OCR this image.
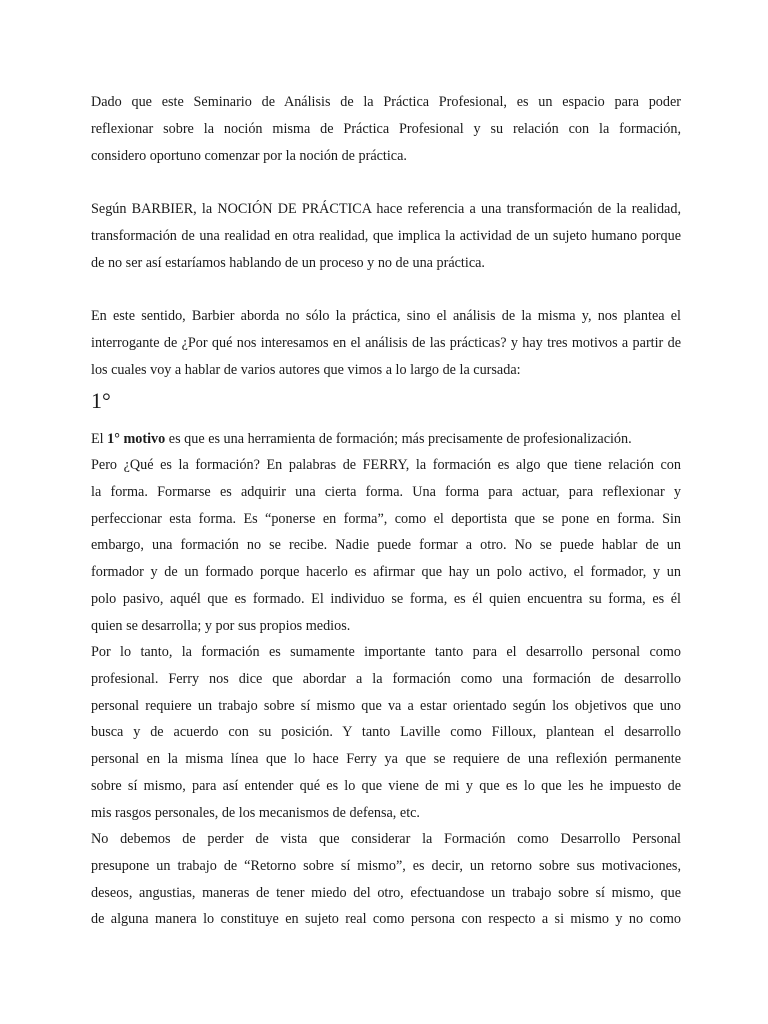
Dado que este Seminario de Análisis de la Práctica Profesional, es un espacio para poder
reflexionar sobre la noción misma de Práctica Profesional y su relación con la formación,
considero oportuno comenzar por la noción de práctica.

Según BARBIER, la NOCIÓN DE PRÁCTICA hace referencia a una transformación de la realidad,
transformación de una realidad en otra realidad, que implica la actividad de un sujeto humano porque
de no ser así estaríamos hablando de un proceso y no de una práctica.

En este sentido, Barbier aborda no sólo la práctica, sino el análisis de la misma y, nos plantea el
interrogante de ¿Por qué nos interesamos en el análisis de las prácticas? y hay tres motivos a partir de
los cuales voy a hablar de varios autores que vimos a lo largo de la cursada:

1°

El 1° motivo es que es una herramienta de formación; más precisamente de profesionalización.

Pero ¿Qué es la formación? En palabras de FERRY, la formación es algo que tiene relación con
la forma. Formarse es adquirir una cierta forma. Una forma para actuar, para reflexionar y
perfeccionar esta forma. Es “ponerse en forma”, como el deportista que se pone en forma. Sin
embargo, una formación no se recibe. Nadie puede formar a otro. No se puede hablar de un
formador y de un formado porque hacerlo es afirmar que hay un polo activo, el formador, y un
polo pasivo, aquél que es formado. El individuo se forma, es él quien encuentra su forma, es él
quien se desarrolla; y por sus propios medios.

Por lo tanto, la formación es sumamente importante tanto para el desarrollo personal como
profesional. Ferry nos dice que abordar a la formación como una formación de desarrollo
personal requiere un trabajo sobre sí mismo que va a estar orientado según los objetivos que uno
busca y de acuerdo con su posición. Y tanto Laville como Filloux, plantean el desarrollo
personal en la misma línea que lo hace Ferry ya que se requiere de una reflexión permanente
sobre sí mismo, para así entender qué es lo que viene de mi y que es lo que les he impuesto de
mis rasgos personales, de los mecanismos de defensa, etc.

No debemos de perder de vista que considerar la Formación como Desarrollo Personal
presupone un trabajo de “Retorno sobre sí mismo”, es decir, un retorno sobre sus motivaciones,
deseos, angustias, maneras de tener miedo del otro, efectuandose un trabajo sobre sí mismo, que
de alguna manera lo constituye en sujeto real como persona con respecto a si mismo y no como
